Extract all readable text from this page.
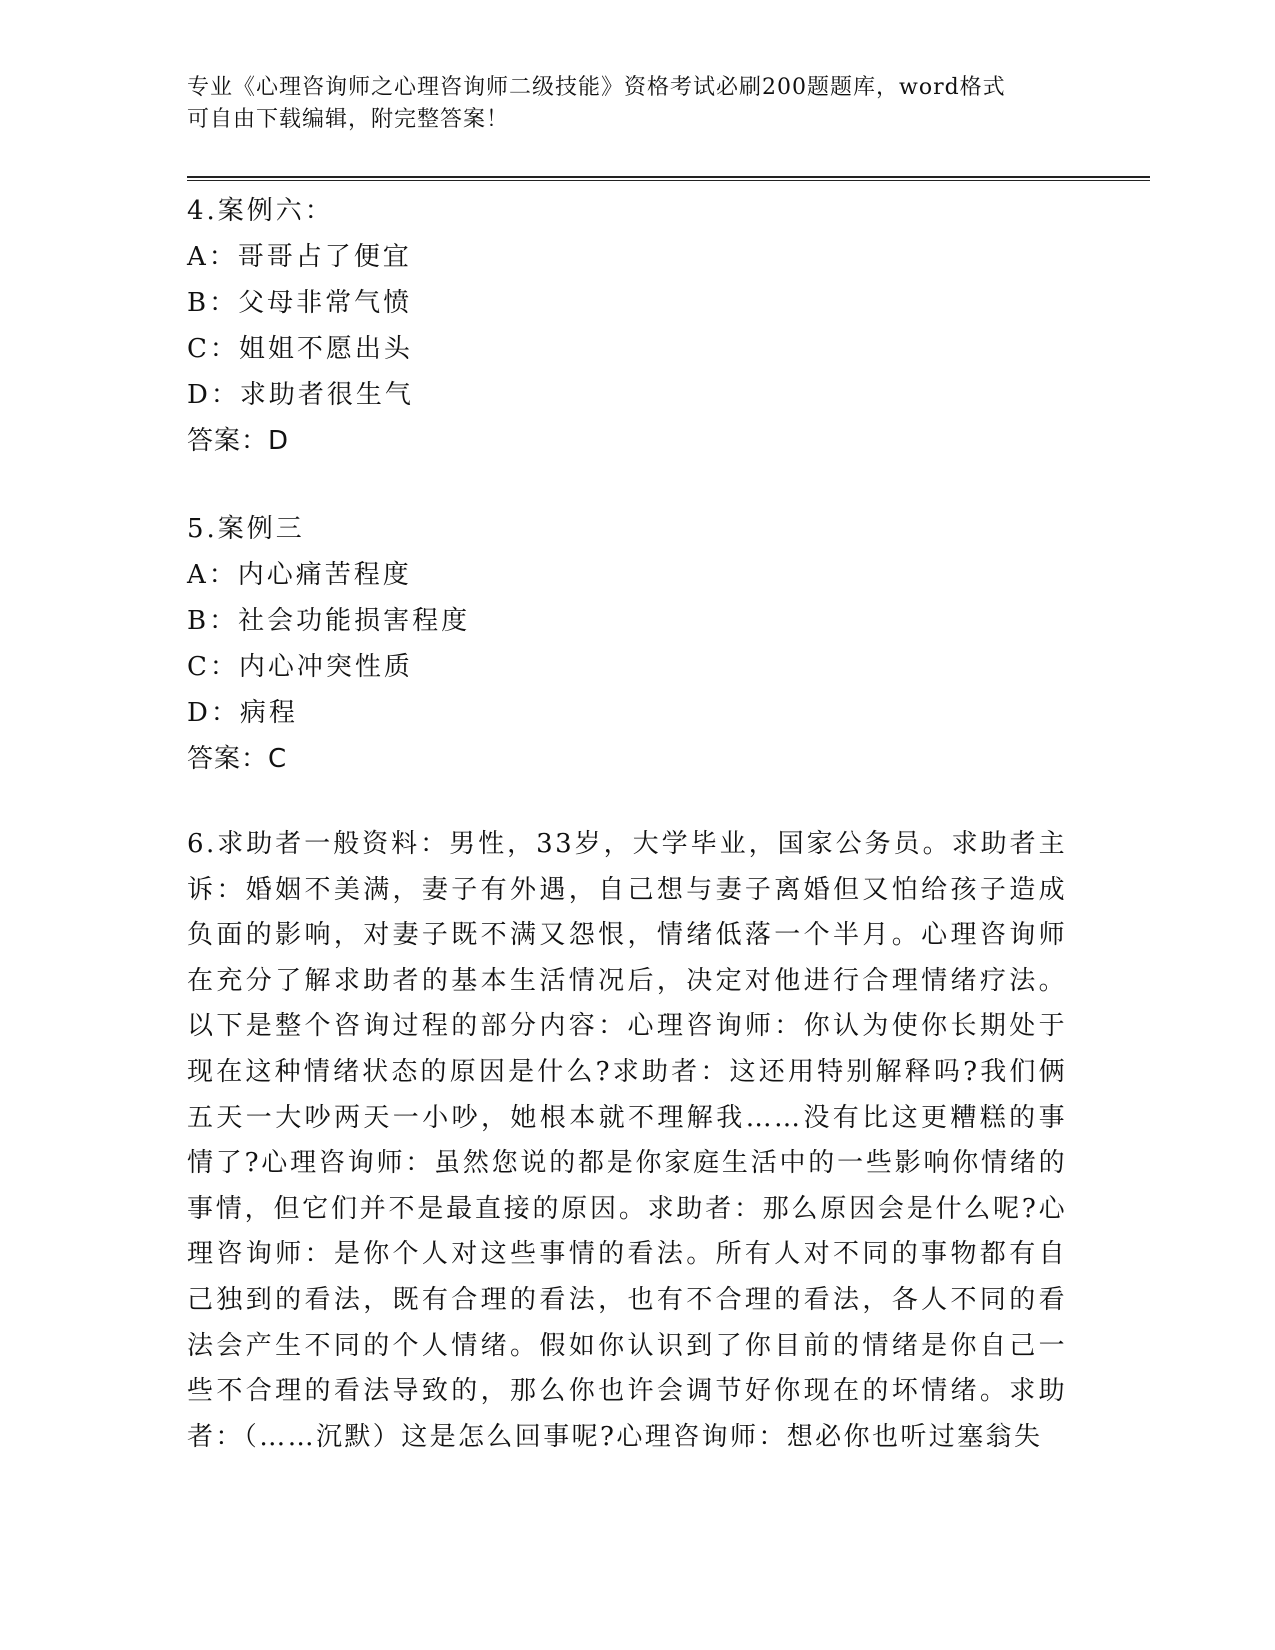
专业《心理咨询师之心理咨询师二级技能》资格考试必刷200题题库，word格式
可自由下载编辑，附完整答案！
4.案例六：
A：哥哥占了便宜
B：父母非常气愤
C：姐姐不愿出头
D：求助者很生气
答案：D
5.案例三
A：内心痛苦程度
B：社会功能损害程度
C：内心冲突性质
D：病程
答案：C
6.求助者一般资料：男性，33岁，大学毕业，国家公务员。求助者主诉：婚姻不美满，妻子有外遇，自己想与妻子离婚但又怕给孩子造成负面的影响，对妻子既不满又怨恨，情绪低落一个半月。心理咨询师在充分了解求助者的基本生活情况后，决定对他进行合理情绪疗法。以下是整个咨询过程的部分内容：心理咨询师：你认为使你长期处于现在这种情绪状态的原因是什么?求助者：这还用特别解释吗?我们俩五天一大吵两天一小吵，她根本就不理解我……没有比这更糟糕的事情了?心理咨询师：虽然您说的都是你家庭生活中的一些影响你情绪的事情，但它们并不是最直接的原因。求助者：那么原因会是什么呢?心理咨询师：是你个人对这些事情的看法。所有人对不同的事物都有自己独到的看法，既有合理的看法，也有不合理的看法，各人不同的看法会产生不同的个人情绪。假如你认识到了你目前的情绪是你自己一些不合理的看法导致的，那么你也许会调节好你现在的坏情绪。求助者：（……沉默）这是怎么回事呢?心理咨询师：想必你也听过塞翁失
